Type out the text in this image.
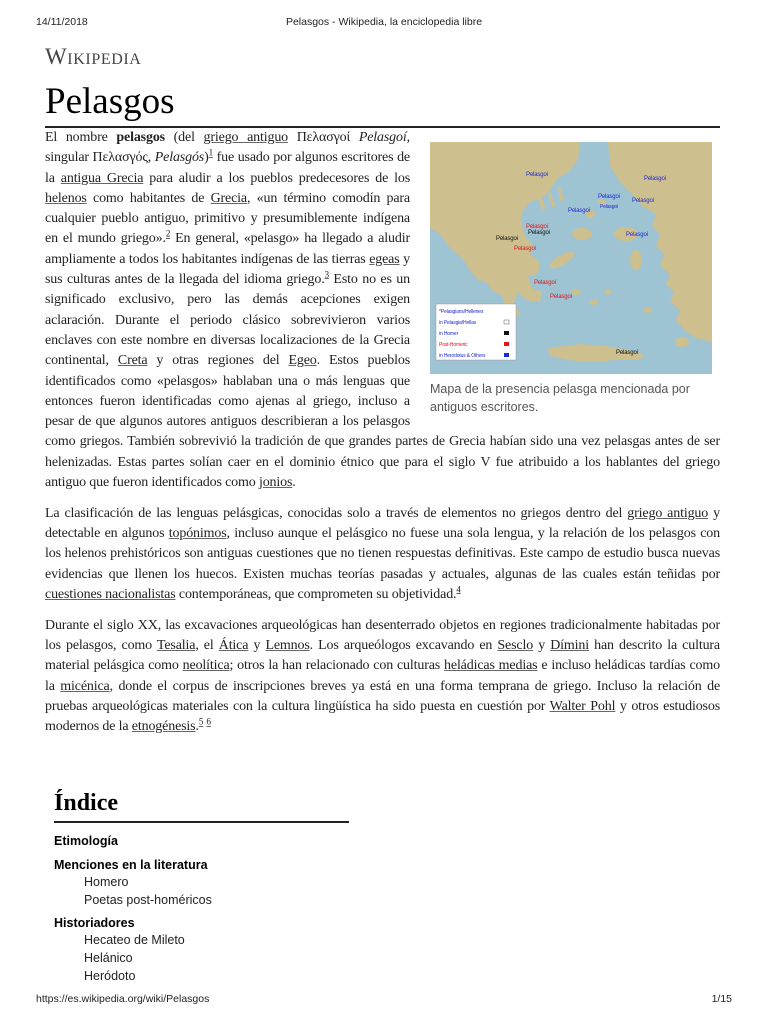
14/11/2018	Pelasgos - Wikipedia, la enciclopedia libre
Wikipedia
Pelasgos
Pelasgoi
Pelasgoi
Pelasgoi
Pelasgoi
Pelasgoi
Pelasgoi
Pelasgoi
Pelasgoi
Pelasgoi
Pelasgoi
Pelasgoi
Pelasgoi
Pelasgoi
Pelasgoi
*Pelasgians/Hellenes
in Pelasgia/Hellas
in Homer
Post-Homeric
in Herodotus & Others
Mapa de la presencia pelasga mencionada por antiguos escritores.

El nombre pelasgos (del griego antiguo Πελασγοί Pelasgoí, singular Πελασγός, Pelasgós)$^1$ fue usado por algunos escritores de la antigua Grecia para aludir a los pueblos predecesores de los helenos como habitantes de Grecia, «un término comodín para cualquier pueblo antiguo, primitivo y presumiblemente indígena en el mundo griego».$^2$ En general, «pelasgo» ha llegado a aludir ampliamente a todos los habitantes indígenas de las tierras egeas y sus culturas antes de la llegada del idioma griego.$^3$ Esto no es un significado exclusivo, pero las demás acepciones exigen aclaración. Durante el periodo clásico sobrevivieron varios enclaves con este nombre en diversas localizaciones de la Grecia continental, Creta y otras regiones del Egeo. Estos pueblos identificados como «pelasgos» hablaban una o más lenguas que entonces fueron identificadas como ajenas al griego, incluso a pesar de que algunos autores antiguos describieran a los pelasgos como griegos. También sobrevivió la tradición de que grandes partes de Grecia habían sido una vez pelasgas antes de ser helenizadas. Estas partes solían caer en el dominio étnico que para el siglo V fue atribuido a los hablantes del griego antiguo que fueron identificados como jonios.

La clasificación de las lenguas pelásgicas, conocidas solo a través de elementos no griegos dentro del griego antiguo y detectable en algunos topónimos, incluso aunque el pelásgico no fuese una sola lengua, y la relación de los pelasgos con los helenos prehistóricos son antiguas cuestiones que no tienen respuestas definitivas. Este campo de estudio busca nuevas evidencias que llenen los huecos. Existen muchas teorías pasadas y actuales, algunas de las cuales están teñidas por cuestiones nacionalistas contemporáneas, que comprometen su objetividad.$^4$

Durante el siglo XX, las excavaciones arqueológicas han desenterrado objetos en regiones tradicionalmente habitadas por los pelasgos, como Tesalia, el Ática y Lemnos. Los arqueólogos excavando en Sesclo y Dímini han descrito la cultura material pelásgica como neolítica; otros la han relacionado con culturas heládicas medias e incluso heládicas tardías como la micénica, donde el corpus de inscripciones breves ya está en una forma temprana de griego. Incluso la relación de pruebas arqueológicas materiales con la cultura lingüística ha sido puesta en cuestión por Walter Pohl y otros estudiosos modernos de la etnogénesis.$^5$ $^6$

Índice
Etimología
Menciones en la literatura
Homero
Poetas post-homéricos
Historiadores
Hecateo de Mileto
Helánico
Heródoto
https://es.wikipedia.org/wiki/Pelasgos	1/15
